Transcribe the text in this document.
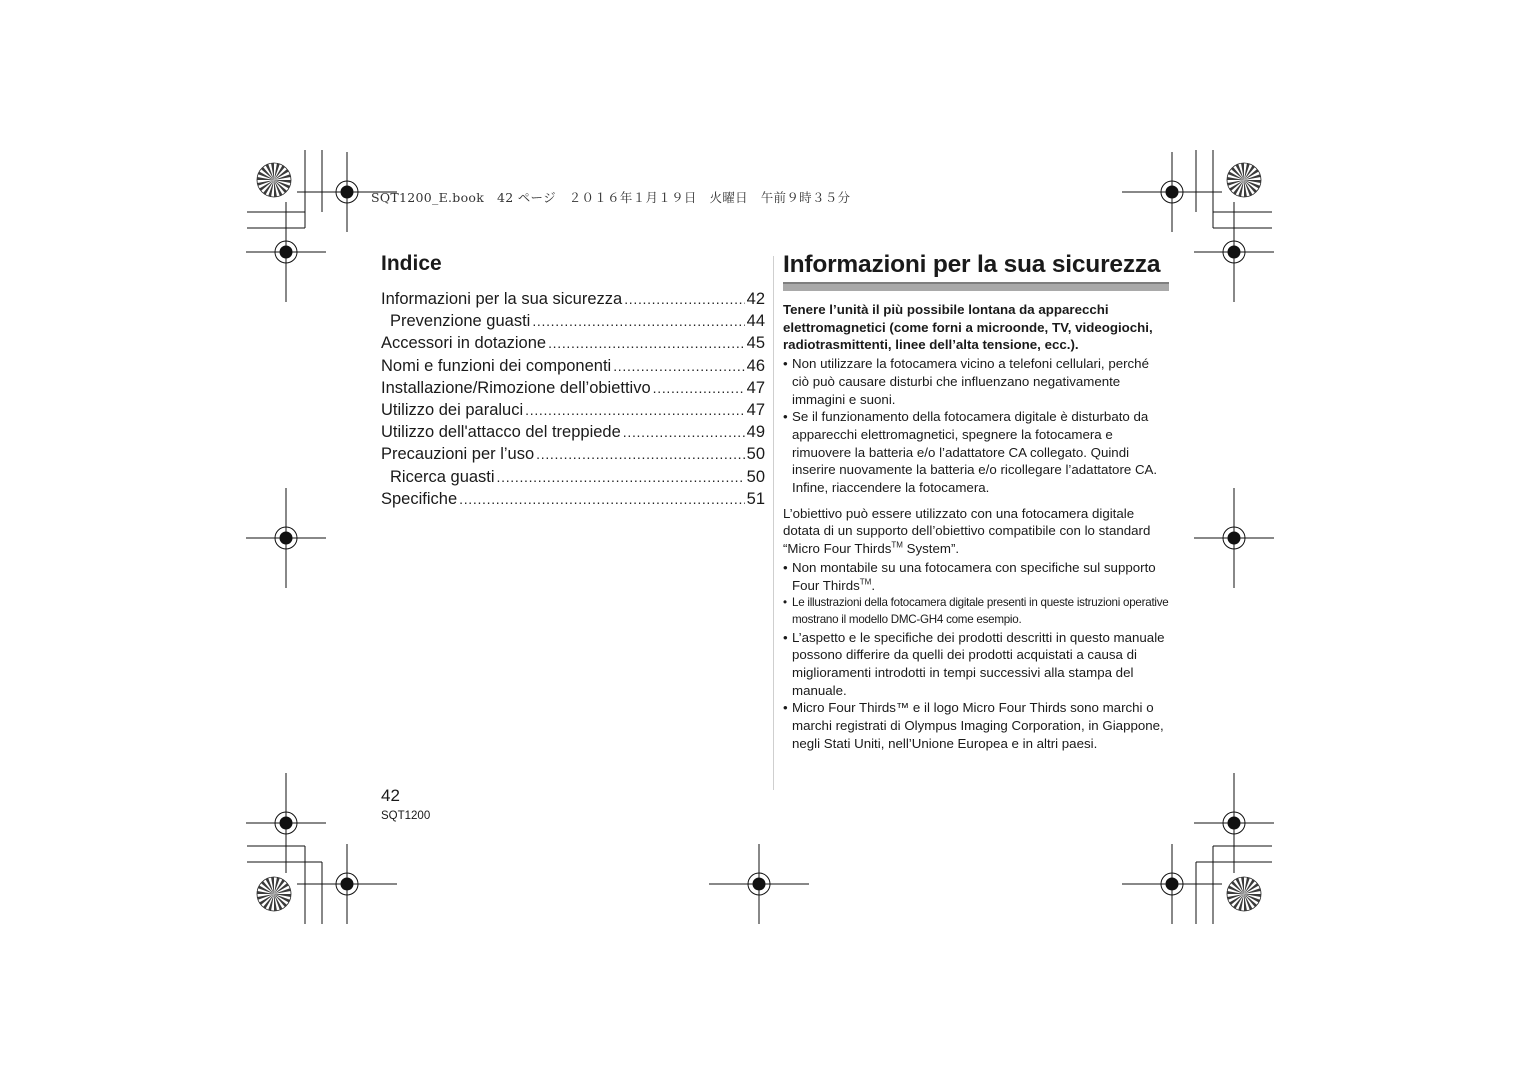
SQT1200_E.book   42 ページ   ２０１６年１月１９日   火曜日   午前９時３５分
Indice
Informazioni per la sua sicurezza . . .	42
Prevenzione guasti . . .	44
Accessori in dotazione . . .	45
Nomi e funzioni dei componenti . . .	46
Installazione/Rimozione dell’obiettivo . . .	47
Utilizzo dei paraluci . . .	47
Utilizzo dell'attacco del treppiede . . .	49
Precauzioni per l’uso . . .	50
Ricerca guasti . . .	50
Specifiche . . .	51
Informazioni per la sua sicurezza

Tenere l’unità il più possibile lontana da apparecchi elettromagnetici (come forni a microonde, TV, videogiochi, radiotrasmittenti, linee dell’alta tensione, ecc.).

• Non utilizzare la fotocamera vicino a telefoni cellulari, perché ciò può causare disturbi che influenzano negativamente immagini e suoni.
• Se il funzionamento della fotocamera digitale è disturbato da apparecchi elettromagnetici, spegnere la fotocamera e rimuovere la batteria e/o l’adattatore CA collegato. Quindi inserire nuovamente la batteria e/o ricollegare l’adattatore CA. Infine, riaccendere la fotocamera.

L’obiettivo può essere utilizzato con una fotocamera digitale dotata di un supporto dell’obiettivo compatibile con lo standard “Micro Four Thirds™ System”.

• Non montabile su una fotocamera con specifiche sul supporto Four Thirds™.
• Le illustrazioni della fotocamera digitale presenti in queste istruzioni operative mostrano il modello DMC-GH4 come esempio.
• L’aspetto e le specifiche dei prodotti descritti in questo manuale possono differire da quelli dei prodotti acquistati a causa di miglioramenti introdotti in tempi successivi alla stampa del manuale.
• Micro Four Thirds™ e il logo Micro Four Thirds sono marchi o marchi registrati di Olympus Imaging Corporation, in Giappone, negli Stati Uniti, nell’Unione Europea e in altri paesi.
42
SQT1200
